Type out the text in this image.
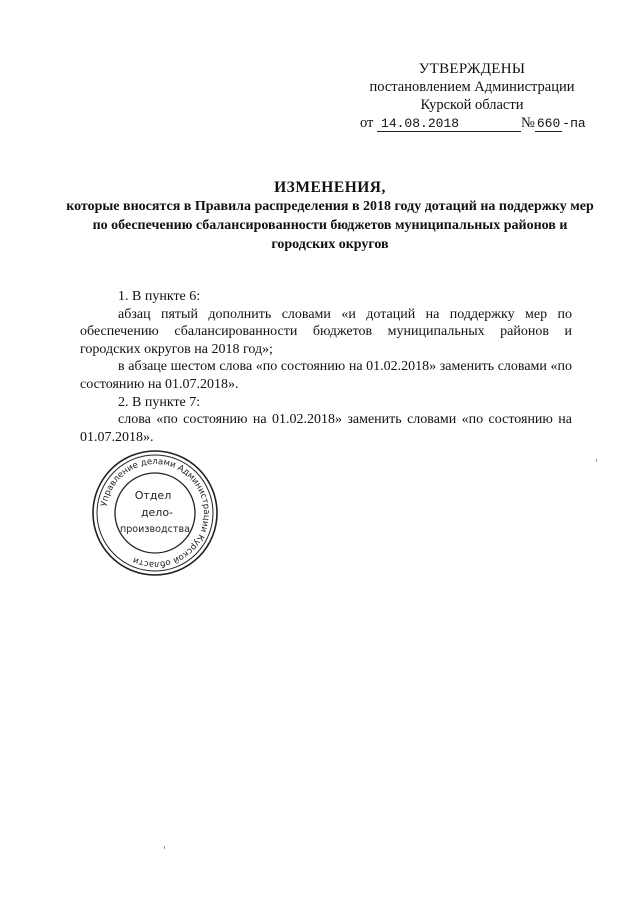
УТВЕРЖДЕНЫ
постановлением Администрации
Курской области
от 14.08.2018	№ 660 -па
ИЗМЕНЕНИЯ,
которые вносятся в Правила распределения в 2018 году дотаций на поддержку мер по обеспечению сбалансированности бюджетов муниципальных районов и городских округов

1. В пункте 6:

абзац пятый дополнить словами «и дотаций на поддержку мер по обеспечению сбалансированности бюджетов муниципальных районов и городских округов на 2018 год»;

в абзаце шестом слова «по состоянию на 01.02.2018» заменить словами «по состоянию на 01.07.2018».

2. В пункте 7:

слова «по состоянию на 01.02.2018» заменить словами «по состоянию на 01.07.2018».

Управление делами Администрации Курской области
Отдел
дело-
производства
